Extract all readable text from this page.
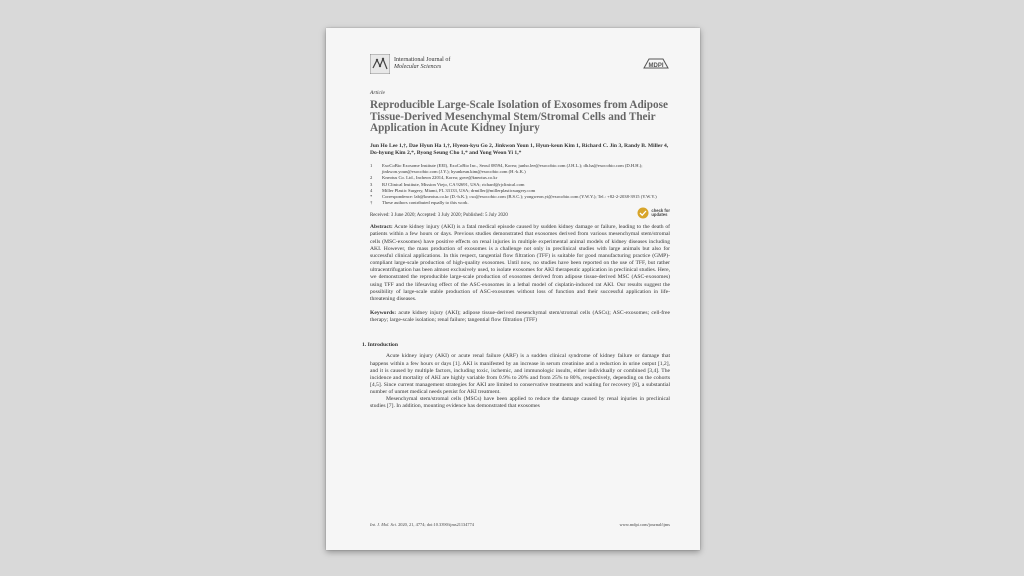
International Journal of
Molecular Sciences	MDPI
Article
Reproducible Large-Scale Isolation of Exosomes from Adipose Tissue-Derived Mesenchymal Stem/Stromal Cells and Their Application in Acute Kidney Injury
Jun Ho Lee 1,†, Dae Hyun Ha 1,†, Hyeon-kyu Go 2, Jinkwon Youn 1, Hyun-keun Kim 1, Richard C. Jin 3, Randy B. Miller 4, Do-hyung Kim 2,*, Byong Seung Cho 1,* and Yong Weon Yi 1,*
1	ExoCoBio Exosome Institute (EEI), ExoCoBio Inc., Seoul 08594, Korea; junho.lee@exocobio.com (J.H.L.); dh.ha@exocobio.com (D.H.H.); jinkwon.youn@exocobio.com (J.Y.); hyunkeun.kim@exocobio.com (H.-k.K.)
2	Kneotus Co. Ltd., Incheon 22014, Korea; gove@kneotus.co.kr
3	RJ Clinical Institute, Mission Viejo, CA 92691, USA; richard@rjclinical.com
4	Miller Plastic Surgery, Miami, FL 33133, USA; drmiller@millerplasticsurgery.com
*	Correspondence: lab@kneotus.co.kr (D.-h.K.); cso@exocobio.com (B.S.C.); yongweon.yi@exocobio.com (Y.W.Y.); Tel.: +82-2-2038-3915 (Y.W.Y.)
†	These authors contributed equally to this work.
Received: 3 June 2020; Accepted: 3 July 2020; Published: 5 July 2020
check for
updates
Abstract: Acute kidney injury (AKI) is a fatal medical episode caused by sudden kidney damage or failure, leading to the death of patients within a few hours or days. Previous studies demonstrated that exosomes derived from various mesenchymal stem/stromal cells (MSC-exosomes) have positive effects on renal injuries in multiple experimental animal models of kidney diseases including AKI. However, the mass production of exosomes is a challenge not only in preclinical studies with large animals but also for successful clinical applications. In this respect, tangential flow filtration (TFF) is suitable for good manufacturing practice (GMP)-compliant large-scale production of high-quality exosomes. Until now, no studies have been reported on the use of TFF, but rather ultracentrifugation has been almost exclusively used, to isolate exosomes for AKI therapeutic application in preclinical studies. Here, we demonstrated the reproducible large-scale production of exosomes derived from adipose tissue-derived MSC (ASC-exosomes) using TFF and the lifesaving effect of the ASC-exosomes in a lethal model of cisplatin-induced rat AKI. Our results suggest the possibility of large-scale stable production of ASC-exosomes without loss of function and their successful application in life-threatening diseases.
Keywords: acute kidney injury (AKI); adipose tissue-derived mesenchymal stem/stromal cells (ASCs); ASC-exosomes; cell-free therapy; large-scale isolation; renal failure; tangential flow filtration (TFF)
1. Introduction

Acute kidney injury (AKI) or acute renal failure (ARF) is a sudden clinical syndrome of kidney failure or damage that happens within a few hours or days [1]. AKI is manifested by an increase in serum creatinine and a reduction in urine output [1,2], and it is caused by multiple factors, including toxic, ischemic, and immunologic insults, either individually or combined [3,4]. The incidence and mortality of AKI are highly variable from 0.9% to 20% and from 25% to 80%, respectively, depending on the cohorts [4,5]. Since current management strategies for AKI are limited to conservative treatments and waiting for recovery [6], a substantial number of unmet medical needs persist for AKI treatment.

Mesenchymal stem/stromal cells (MSCs) have been applied to reduce the damage caused by renal injuries in preclinical studies [7]. In addition, mounting evidence has demonstrated that exosomes

Int. J. Mol. Sci. 2020, 21, 4774; doi:10.3390/ijms21134774	www.mdpi.com/journal/ijms
